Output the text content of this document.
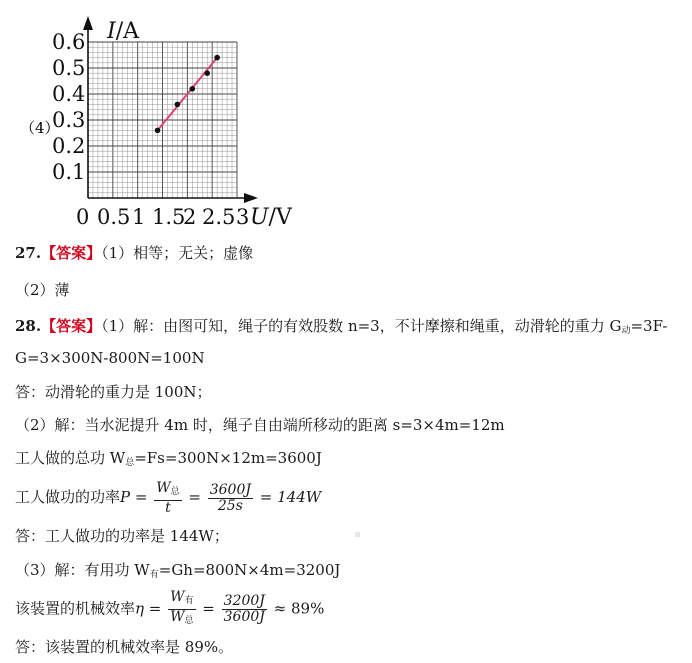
0.6
0.5
0.4
0.3
0.2
0.1
0 0.5 1 1.5
2 2.5 3
（4）
I/A
U/V
27.【答案】（1）相等；无关；虚像
（2）薄
28.【答案】（1）解：由图可知，绳子的有效股数 n=3，不计摩擦和绳重，动滑轮的重力 $G_动=3F-$
G=3×300N-800N=100N
答：动滑轮的重力是 100N；
（2）解：当水泥提升 4m 时，绳子自由端所移动的距离 s=3×4m=12m
工人做的总功 $W_总=Fs=300N\times 12m=3600J$
工人做功的功率$P = \frac{W_总}{t} = \frac{3600J}{25s} = 144W$
答：工人做功的功率是 144W；
（3）解：有用功 $W_有=Gh=800N\times 4m=3200J$
该装置的机械效率$\eta = \frac{W_有}{W_总} = \frac{3200J}{3600J} \approx 89\%$
答：该装置的机械效率是 89%。
